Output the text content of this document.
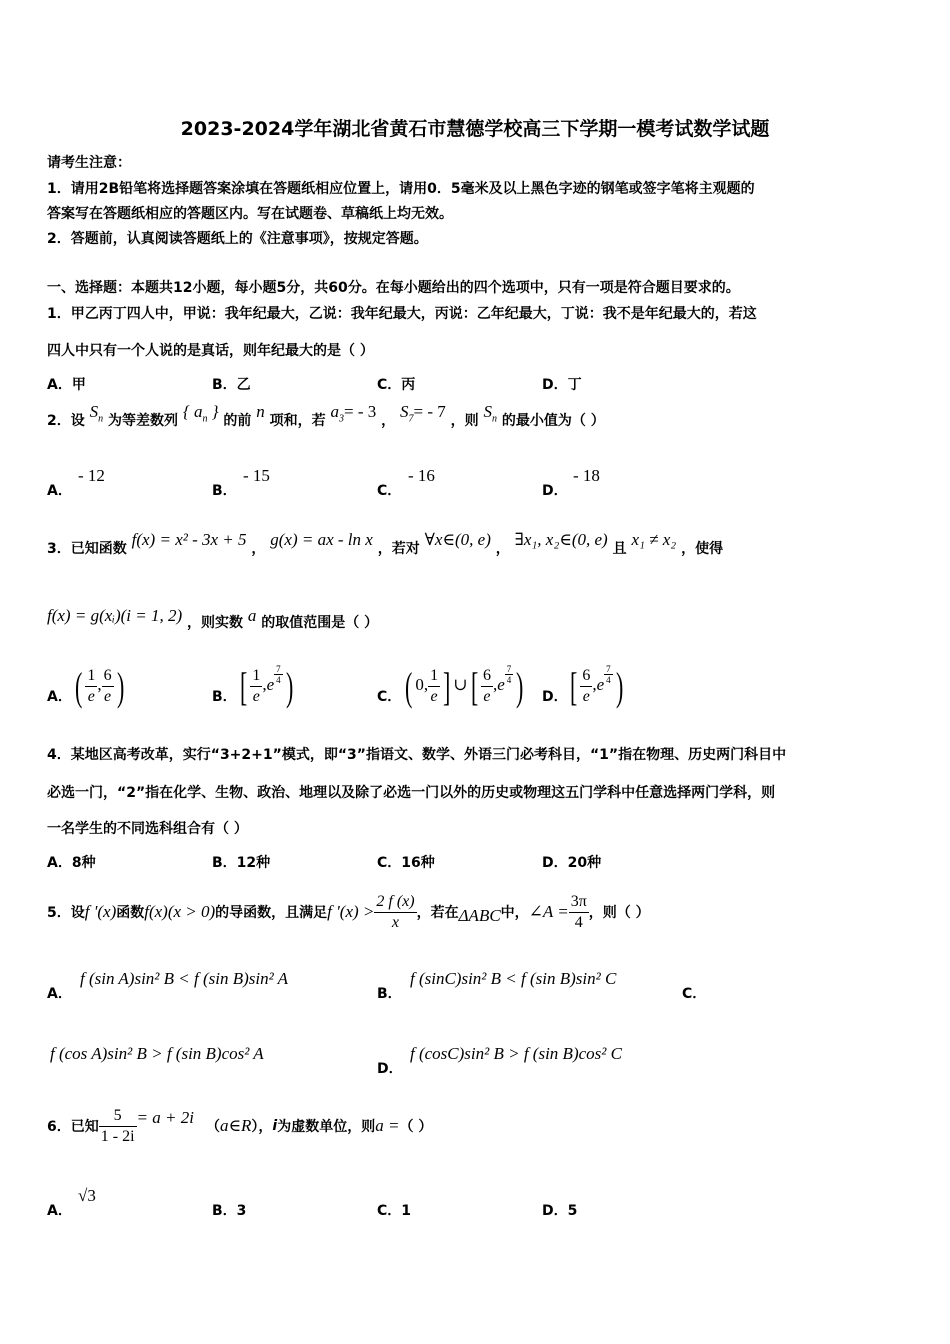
2023-2024学年湖北省黄石市慧德学校高三下学期一模考试数学试题
请考生注意：
1．请用2B铅笔将选择题答案涂填在答题纸相应位置上，请用0．5毫米及以上黑色字迹的钢笔或签字笔将主观题的
答案写在答题纸相应的答题区内。写在试题卷、草稿纸上均无效。
2．答题前，认真阅读答题纸上的《注意事项》，按规定答题。
一、选择题：本题共12小题，每小题5分，共60分。在每小题给出的四个选项中，只有一项是符合题目要求的。
1．甲乙丙丁四人中，甲说：我年纪最大，乙说：我年纪最大，丙说：乙年纪最大，丁说：我不是年纪最大的，若这
四人中只有一个人说的是真话，则年纪最大的是（ ）
A．甲	B．乙	C．丙	D．丁
2．设 $S_n$ 为等差数列 { $a_n$ } 的前 n 项和，若 $a_3= - 3$ ， $S_7= - 7$ ，则 $S_n$ 的最小值为（ ）
A．
- 12
B．
- 15
C．
- 16
D．
- 18
3．已知函数 f(x) = x² - 3x + 5 ， g(x) = ax - ln x ，若对 ∀x∈(0, e) ， ∃x₁, x₂∈(0, e) 且 x₁ ≠ x₂ ，使得
f(x) = g(xᵢ)(i = 1, 2) ，则实数 a 的取值范围是（ ）
A． ( $\frac{1}{e}$ , $\frac{6}{e}$ )	B． [ $\frac{1}{e} ,e \frac{7}{4}$ )	C． ( 0, $\frac{1}{e}$ ] ∪[ $\frac{6}{e} ,e \frac{7}{4}$ ) D． [ $\frac{6}{e} ,e \frac{7}{4}$ )
4．某地区高考改革，实行“3+2+1”模式，即“3”指语文、数学、外语三门必考科目，“1”指在物理、历史两门科目中
必选一门，“2”指在化学、生物、政治、地理以及除了必选一门以外的历史或物理这五门学科中任意选择两门学科，则
一名学生的不同选科组合有（ ）
A．8种	B．12种	C．16种	D．20种
5．设 f '(x) 函数 f(x)(x > 0) 的导函数，且满足 f '$(x) > \frac{2 f (x)}{x}$ ，若在 ΔABC 中， ∠A = $\frac{3\pi}{4}$ ，则（ ）
A．
f (sin A)sin² B < f (sin B)sin² A
B．
f (sinC)sin² B < f (sin B)sin² C
C．
f (cos A)sin² B > f (sin B)cos² A
D．
f (cosC)sin² B > f (sin B)cos² C
6．已知 $\frac{5}{1 - 2i} = a + 2i$ （ a∈R ）， i 为虚数单位，则 a = （ ）
A．
√3
B．3	C．1	D．5
